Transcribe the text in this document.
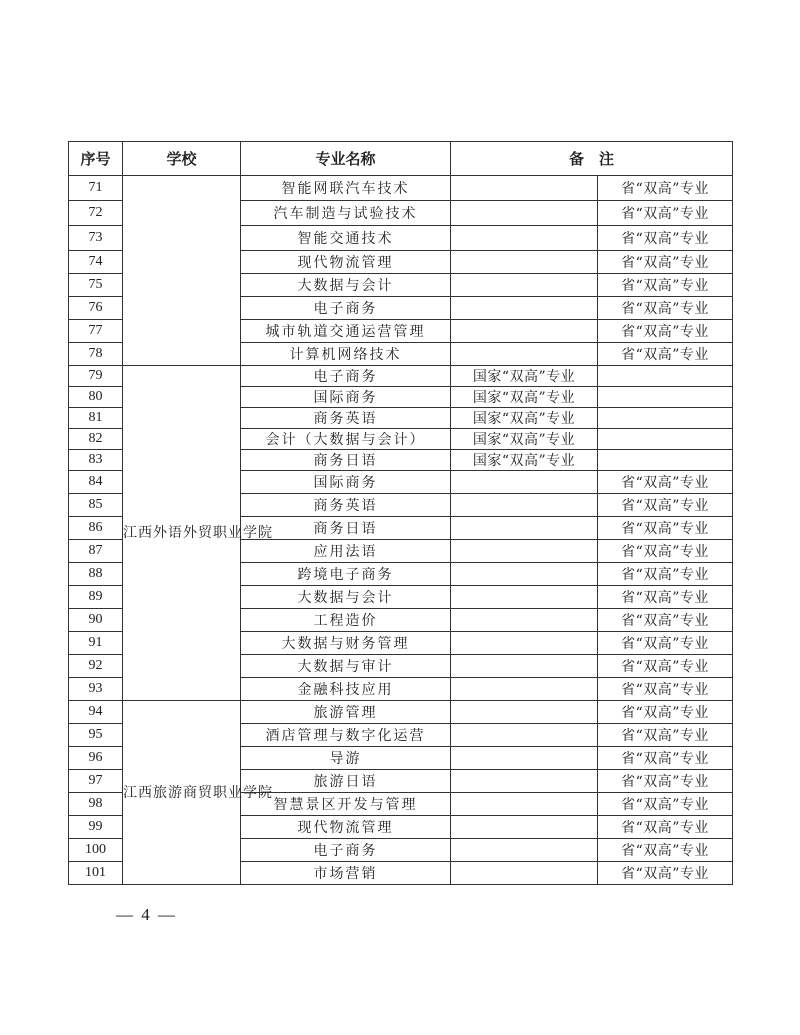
序号	学校	专业名称	备　注	
71		智能网联汽车技术		省“双高”专业
72		汽车制造与试验技术		省“双高”专业
73		智能交通技术		省“双高”专业
74		现代物流管理		省“双高”专业
75		大数据与会计		省“双高”专业
76		电子商务		省“双高”专业
77		城市轨道交通运营管理		省“双高”专业
78		计算机网络技术		省“双高”专业
79	江西外语外贸职业学院	电子商务	国家“双高”专业	
80		国际商务	国家“双高”专业	
81		商务英语	国家“双高”专业	
82		会计（大数据与会计）	国家“双高”专业	
83		商务日语	国家“双高”专业	
84		国际商务		省“双高”专业
85		商务英语		省“双高”专业
86		商务日语		省“双高”专业
87		应用法语		省“双高”专业
88		跨境电子商务		省“双高”专业
89		大数据与会计		省“双高”专业
90		工程造价		省“双高”专业
91		大数据与财务管理		省“双高”专业
92		大数据与审计		省“双高”专业
93		金融科技应用		省“双高”专业
94	江西旅游商贸职业学院	旅游管理		省“双高”专业
95		酒店管理与数字化运营		省“双高”专业
96		导游		省“双高”专业
97		旅游日语		省“双高”专业
98		智慧景区开发与管理		省“双高”专业
99		现代物流管理		省“双高”专业
100		电子商务		省“双高”专业
101		市场营销		省“双高”专业
— 4 —
